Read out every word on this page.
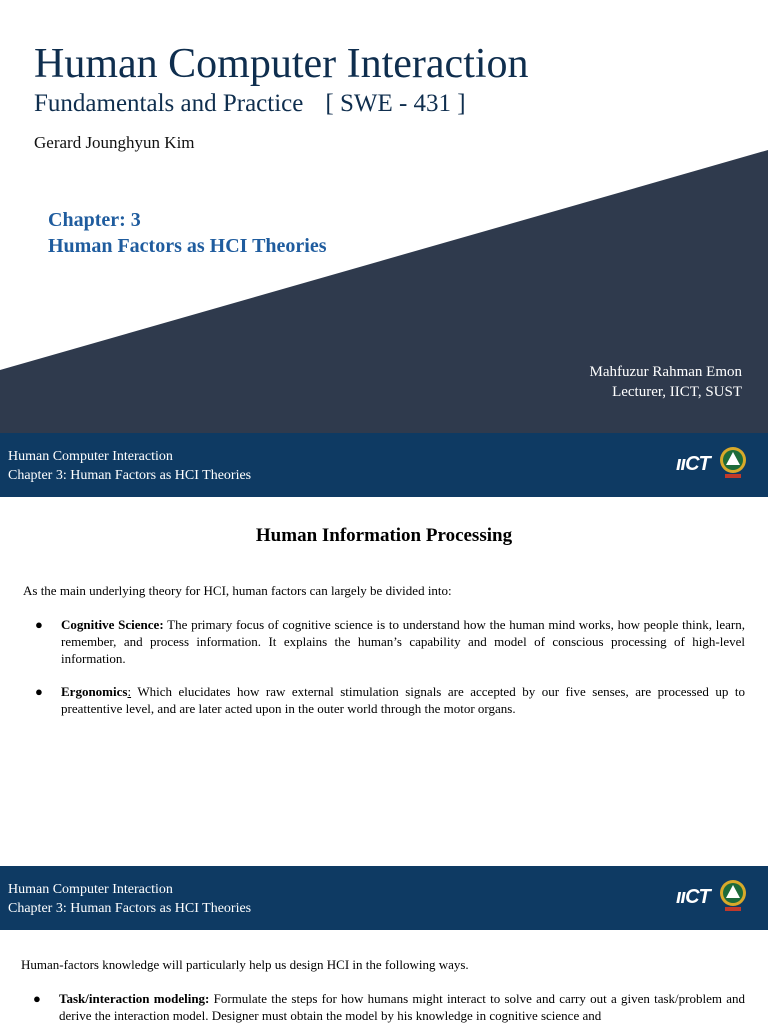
Human Computer Interaction
Fundamentals and Practice [ SWE - 431 ]
Gerard Jounghyun Kim
Chapter: 3
Human Factors as HCI Theories
Mahfuzur Rahman Emon
Lecturer, IICT, SUST
Human Computer Interaction
Chapter 3: Human Factors as HCI Theories
ııCT
Human Information Processing

As the main underlying theory for HCI, human factors can largely be divided into:

● Cognitive Science: The primary focus of cognitive science is to understand how the human mind works, how people think, learn, remember, and process information. It explains the human’s capability and model of conscious processing of high-level information.
● Ergonomics: Which elucidates how raw external stimulation signals are accepted by our five senses, are processed up to preattentive level, and are later acted upon in the outer world through the motor organs.
Human Computer Interaction
Chapter 3: Human Factors as HCI Theories
ııCT

Human-factors knowledge will particularly help us design HCI in the following ways.

● Task/interaction modeling: Formulate the steps for how humans might interact to solve and carry out a given task/problem and derive the interaction model. Designer must obtain the model by his knowledge in cognitive science and
